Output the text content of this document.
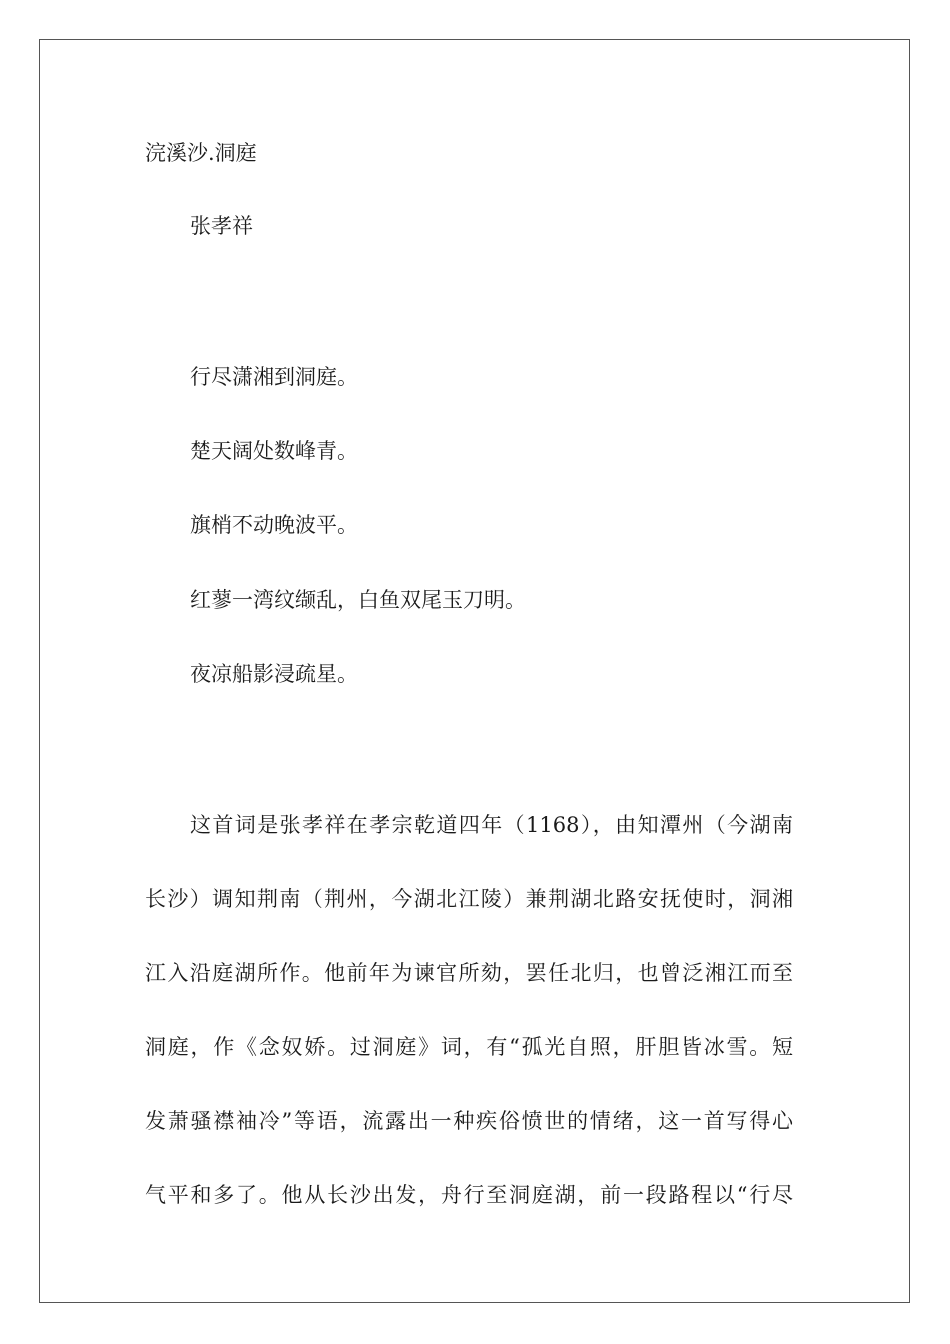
浣溪沙.洞庭
张孝祥
行尽潇湘到洞庭。
楚天阔处数峰青。
旗梢不动晚波平。
红蓼一湾纹缬乱，白鱼双尾玉刀明。
夜凉船影浸疏星。
这首词是张孝祥在孝宗乾道四年（1168），由知潭州（今湖南
长沙）调知荆南（荆州，今湖北江陵）兼荆湖北路安抚使时，洞湘
江入沿庭湖所作。他前年为谏官所劾，罢任北归，也曾泛湘江而至
洞庭，作《念奴娇。过洞庭》词，有“孤光自照，肝胆皆冰雪。短
发萧骚襟袖冷”等语，流露出一种疾俗愤世的情绪，这一首写得心
气平和多了。他从长沙出发，舟行至洞庭湖，前一段路程以“行尽
